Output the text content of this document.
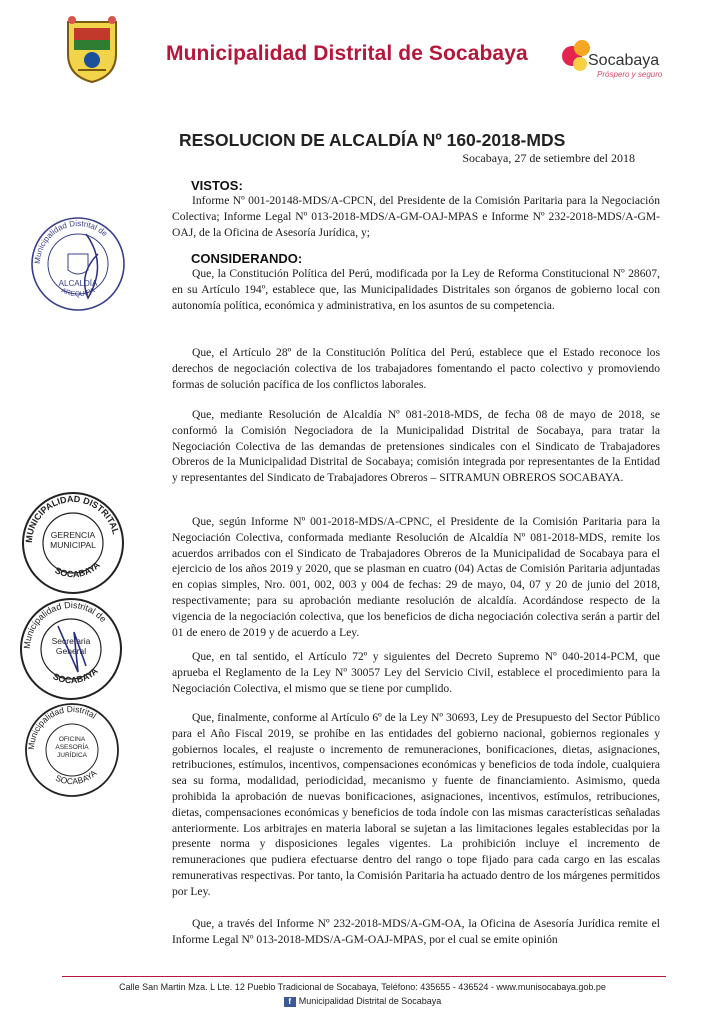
Municipalidad Distrital de Socabaya	Socabaya
Próspero y seguro
RESOLUCION DE ALCALDÍA Nº 160-2018-MDS
Socabaya, 27 de setiembre del 2018
VISTOS:
Informe Nº 001-20148-MDS/A-CPCN, del Presidente de la Comisión Paritaria para la Negociación Colectiva; Informe Legal Nº 013-2018-MDS/A-GM-OAJ-MPAS e Informe Nº 232-2018-MDS/A-GM-OAJ, de la Oficina de Asesoría Jurídica, y;
CONSIDERANDO:
Que, la Constitución Política del Perú, modificada por la Ley de Reforma Constitucional Nº 28607, en su Artículo 194º, establece que, las Municipalidades Distritales son órganos de gobierno local con autonomía política, económica y administrativa, en los asuntos de su competencia.
Que, el Artículo 28º de la Constitución Política del Perú, establece que el Estado reconoce los derechos de negociación colectiva de los trabajadores fomentando el pacto colectivo y promoviendo formas de solución pacífica de los conflictos laborales.
Que, mediante Resolución de Alcaldía Nº 081-2018-MDS, de fecha 08 de mayo de 2018, se conformó la Comisión Negociadora de la Municipalidad Distrital de Socabaya, para tratar la Negociación Colectiva de las demandas de pretensiones sindicales con el Sindicato de Trabajadores Obreros de la Municipalidad Distrital de Socabaya; comisión integrada por representantes de la Entidad y representantes del Sindicato de Trabajadores Obreros – SITRAMUN OBREROS SOCABAYA.
Que, según Informe Nº 001-2018-MDS/A-CPNC, el Presidente de la Comisión Paritaria para la Negociación Colectiva, conformada mediante Resolución de Alcaldía Nº 081-2018-MDS, remite los acuerdos arribados con el Sindicato de Trabajadores Obreros de la Municipalidad de Socabaya para el ejercicio de los años 2019 y 2020, que se plasman en cuatro (04) Actas de Comisión Paritaria adjuntadas en copias simples, Nro. 001, 002, 003 y 004 de fechas: 29 de mayo, 04, 07 y 20 de junio del 2018, respectivamente; para su aprobación mediante resolución de alcaldía. Acordándose respecto de la vigencia de la negociación colectiva, que los beneficios de dicha negociación colectiva serán a partir del 01 de enero de 2019 y de acuerdo a Ley.
Que, en tal sentido, el Artículo 72º y siguientes del Decreto Supremo Nº 040-2014-PCM, que aprueba el Reglamento de la Ley Nº 30057 Ley del Servicio Civil, establece el procedimiento para la Negociación Colectiva, el mismo que se tiene por cumplido.
Que, finalmente, conforme al Artículo 6º de la Ley Nº 30693, Ley de Presupuesto del Sector Público para el Año Fiscal 2019, se prohíbe en las entidades del gobierno nacional, gobiernos regionales y gobiernos locales, el reajuste o incremento de remuneraciones, bonificaciones, dietas, asignaciones, retribuciones, estímulos, incentivos, compensaciones económicas y beneficios de toda índole, cualquiera sea su forma, modalidad, periodicidad, mecanismo y fuente de financiamiento. Asimismo, queda prohibida la aprobación de nuevas bonificaciones, asignaciones, incentivos, estímulos, retribuciones, dietas, compensaciones económicas y beneficios de toda índole con las mismas características señaladas anteriormente. Los arbitrajes en materia laboral se sujetan a las limitaciones legales establecidas por la presente norma y disposiciones legales vigentes. La prohibición incluye el incremento de remuneraciones que pudiera efectuarse dentro del rango o tope fijado para cada cargo en las escalas remunerativas respectivas. Por tanto, la Comisión Paritaria ha actuado dentro de los márgenes permitidos por Ley.
Que, a través del Informe Nº 232-2018-MDS/A-GM-OA, la Oficina de Asesoría Jurídica remite el Informe Legal Nº 013-2018-MDS/A-GM-OAJ-MPAS, por el cual se emite opinión
Municipalidad Distrital de
AREQUIPA
ALCALDÍA
MUNICIPALIDAD DISTRITAL
SOCABAYA
GERENCIA MUNICIPAL
Municipalidad Distrital de
SOCABAYA
Secretaria General
Municipalidad Distrital
SOCABAYA
OFICINA ASESORÍA JURÍDICA
Calle San Martin Mza. L Lte. 12 Pueblo Tradicional de Socabaya, Teléfono: 435655 - 436524 - www.munisocabaya.gob.pe
f Municipalidad Distrital de Socabaya
